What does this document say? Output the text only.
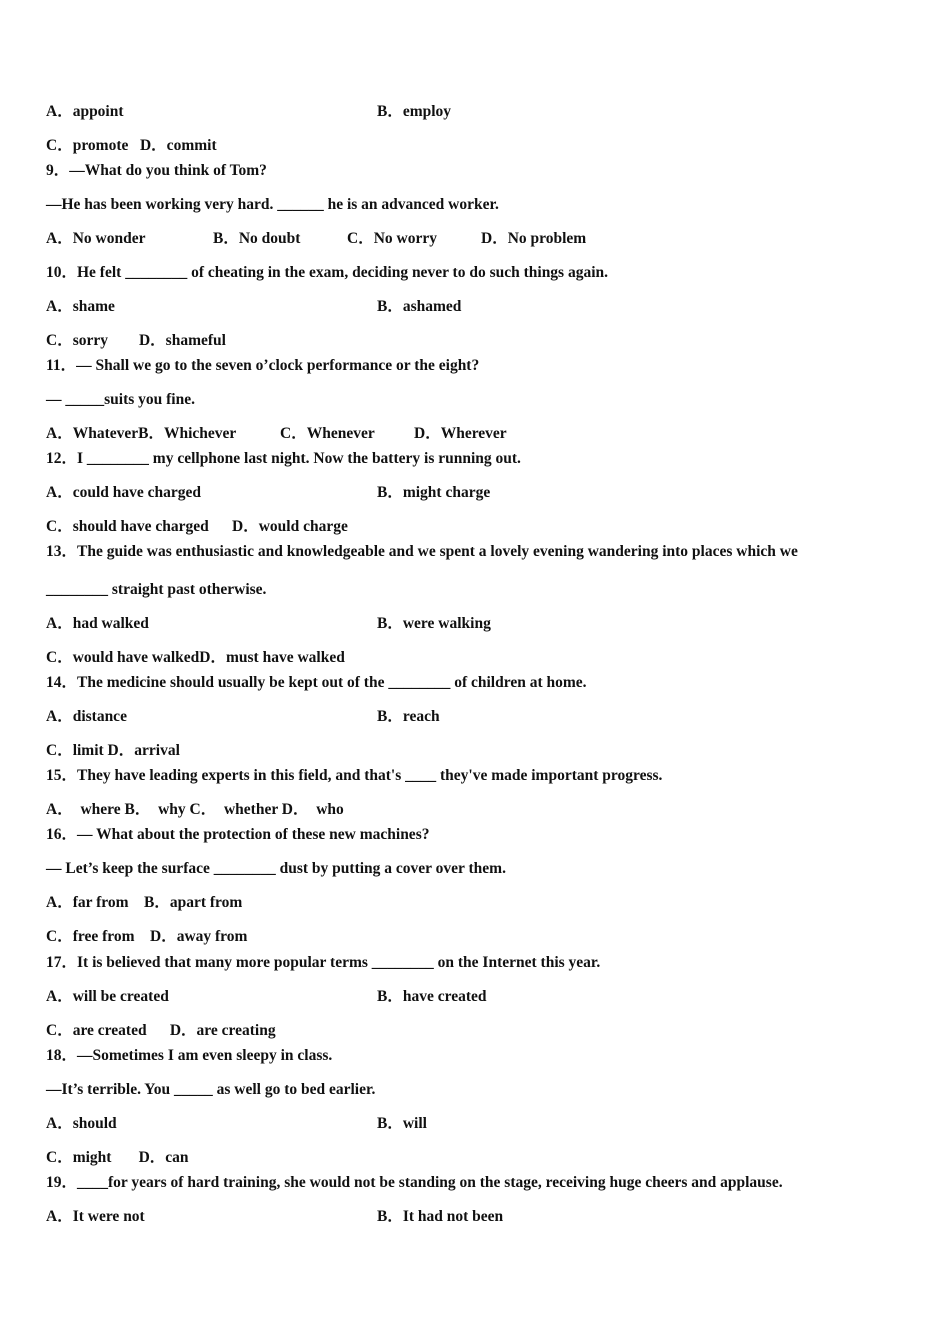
A．appoint	B．employ
C．promote   D．commit
9．—What do you think of Tom?
—He has been working very hard. ______ he is an advanced worker.
A．No wonder	B．No doubt	C．No worry	D．No problem
10．He felt ________ of cheating in the exam, deciding never to do such things again.
A．shame	B．ashamed
C．sorry        D．shameful
11．— Shall we go to the seven o’clock performance or the eight?
— _____suits you fine.
A．WhateverB．Whichever	C．Whenever	D．Wherever
12．I ________ my cellphone last night. Now the battery is running out.
A．could have charged	B．might charge
C．should have charged      D．would charge
13．The guide was enthusiastic and knowledgeable and we spent a lovely evening wandering into places which we
________ straight past otherwise.
A．had walked	B．were walking
C．would have walkedD．must have walked
14．The medicine should usually be kept out of the ________ of children at home.
A．distance	B．reach
C．limit D．arrival
15．They have leading experts in this field, and that's ____ they've made important progress.
A．  where B．  why C．  whether D．  who
16．— What about the protection of these new machines?
— Let’s keep the surface ________ dust by putting a cover over them.
A．far from    B．apart from
C．free from    D．away from
17．It is believed that many more popular terms ________ on the Internet this year.
A．will be created	B．have created
C．are created      D．are creating
18．—Sometimes I am even sleepy in class.
—It’s terrible. You _____ as well go to bed earlier.
A．should	B．will
C．might       D．can
19．____for years of hard training, she would not be standing on the stage, receiving huge cheers and applause.
A．It were not	B．It had not been
